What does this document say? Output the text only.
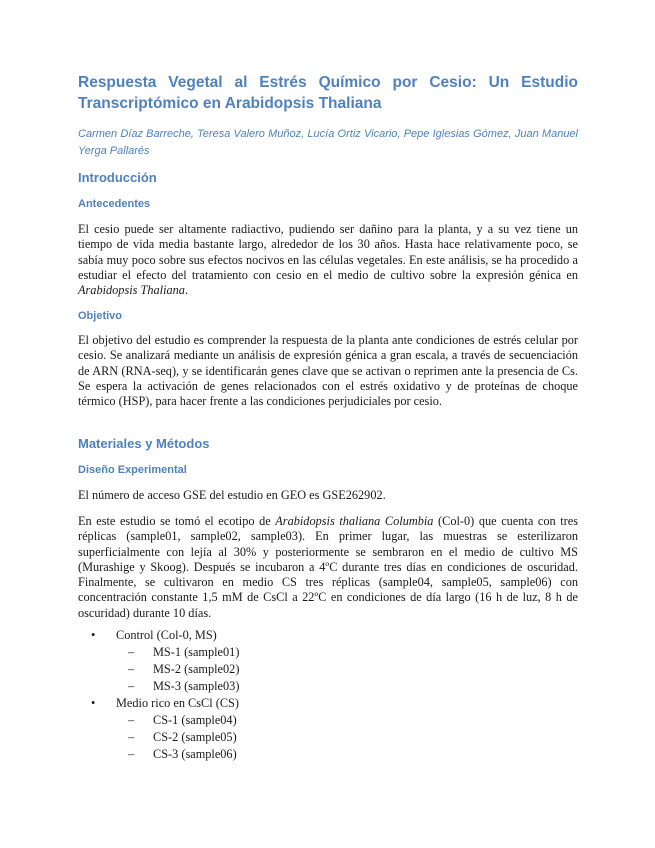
Respuesta Vegetal al Estrés Químico por Cesio: Un Estudio Transcriptómico en Arabidopsis Thaliana
Carmen Díaz Barreche, Teresa Valero Muñoz, Lucía Ortiz Vicario, Pepe Iglesias Gómez, Juan Manuel Yerga Pallarés
Introducción
Antecedentes
El cesio puede ser altamente radiactivo, pudiendo ser dañino para la planta, y a su vez tiene un tiempo de vida media bastante largo, alrededor de los 30 años. Hasta hace relativamente poco, se sabía muy poco sobre sus efectos nocivos en las células vegetales. En este análisis, se ha procedido a estudiar el efecto del tratamiento con cesio en el medio de cultivo sobre la expresión génica en Arabidopsis Thaliana.
Objetivo
El objetivo del estudio es comprender la respuesta de la planta ante condiciones de estrés celular por cesio. Se analizará mediante un análisis de expresión génica a gran escala, a través de secuenciación de ARN (RNA-seq), y se identificarán genes clave que se activan o reprimen ante la presencia de Cs. Se espera la activación de genes relacionados con el estrés oxidativo y de proteínas de choque térmico (HSP), para hacer frente a las condiciones perjudiciales por cesio.
Materiales y Métodos
Diseño Experimental
El número de acceso GSE del estudio en GEO es GSE262902.
En este estudio se tomó el ecotipo de Arabidopsis thaliana Columbia (Col-0) que cuenta con tres réplicas (sample01, sample02, sample03). En primer lugar, las muestras se esterilizaron superficialmente con lejía al 30% y posteriormente se sembraron en el medio de cultivo MS (Murashige y Skoog). Después se incubaron a 4ºC durante tres días en condiciones de oscuridad. Finalmente, se cultivaron en medio CS tres réplicas (sample04, sample05, sample06) con concentración constante 1,5 mM de CsCl a 22ºC en condiciones de día largo (16 h de luz, 8 h de oscuridad) durante 10 días.
• Control (Col-0, MS)
– MS-1 (sample01)
– MS-2 (sample02)
– MS-3 (sample03)
• Medio rico en CsCl (CS)
– CS-1 (sample04)
– CS-2 (sample05)
– CS-3 (sample06)
